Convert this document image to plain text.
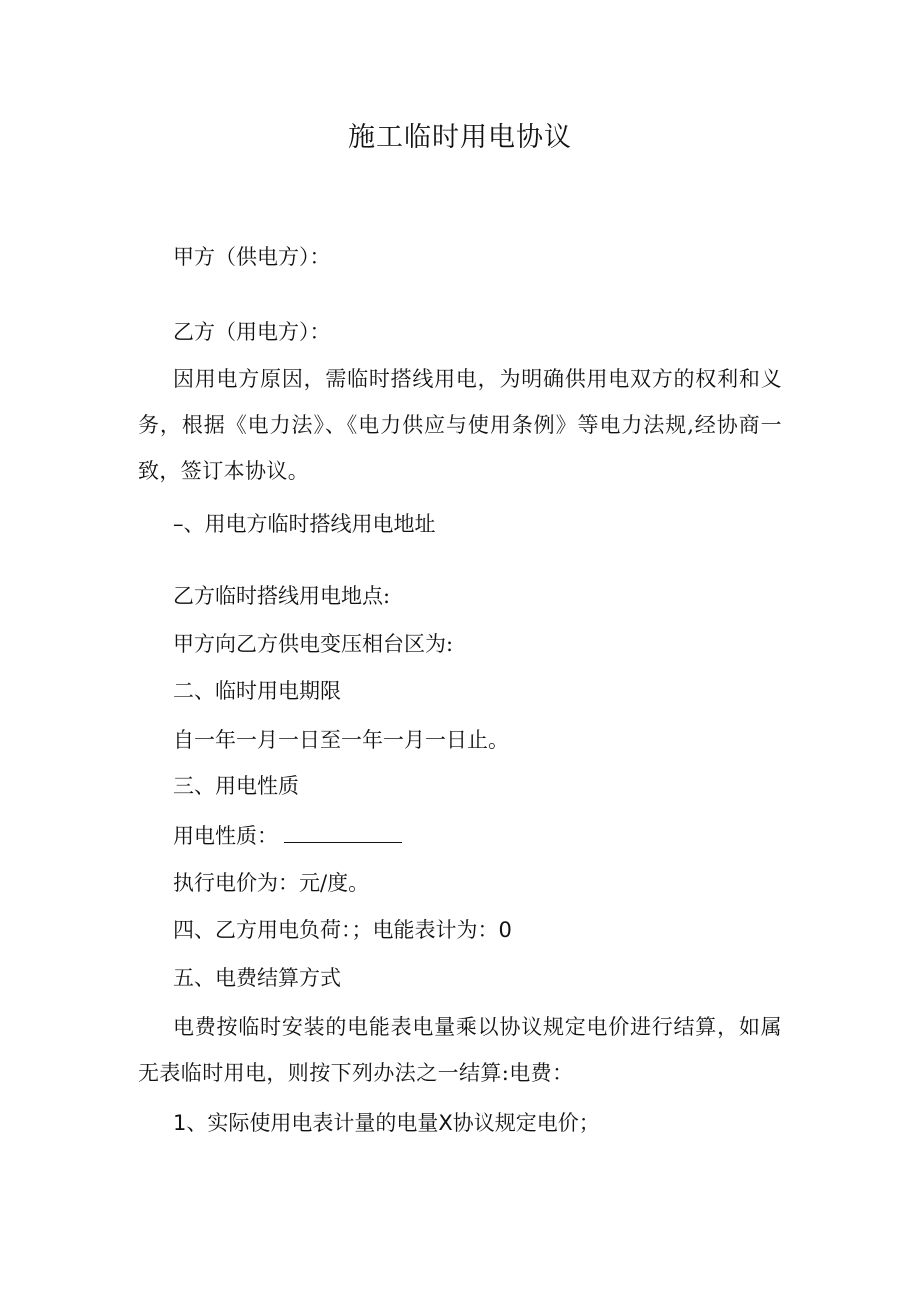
施工临时用电协议
甲方（供电方）：
乙方（用电方）：
因用电方原因，需临时搭线用电，为明确供用电双方的权利和义务，根据《电力法》、《电力供应与使用条例》等电力法规,经协商一致，签订本协议。
–、用电方临时搭线用电地址
乙方临时搭线用电地点:
甲方向乙方供电变压相台区为:
二、临时用电期限
自一年一月一日至一年一月一日止。
三、用电性质
用电性质：
执行电价为：元/度。
四、乙方用电负荷：；电能表计为：0
五、电费结算方式
电费按临时安装的电能表电量乘以协议规定电价进行结算，如属无表临时用电，则按下列办法之一结算:电费：
1、实际使用电表计量的电量X协议规定电价；
